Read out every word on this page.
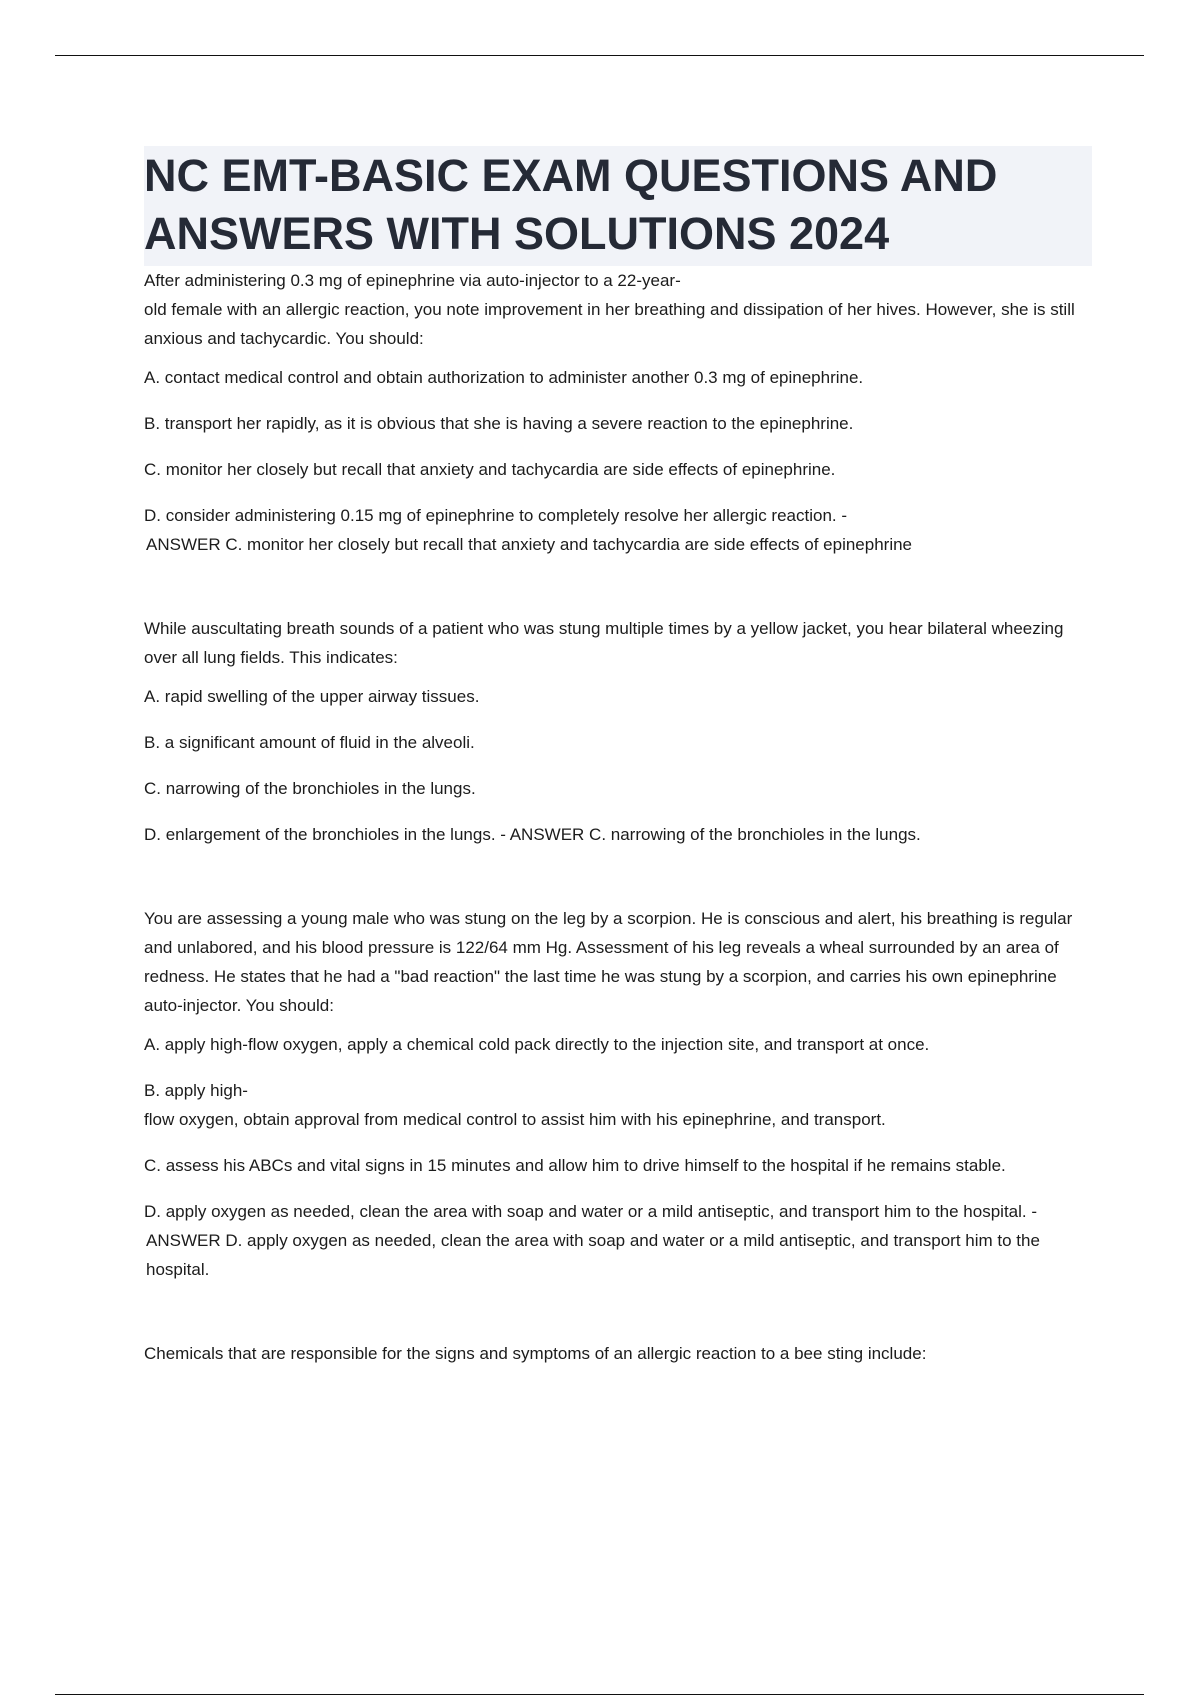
NC EMT-BASIC EXAM QUESTIONS AND ANSWERS WITH SOLUTIONS 2024

After administering 0.3 mg of epinephrine via auto-injector to a 22-year-
old female with an allergic reaction, you note improvement in her breathing and dissipation of her hives. However, she is still anxious and tachycardic. You should:

A. contact medical control and obtain authorization to administer another 0.3 mg of epinephrine.

B. transport her rapidly, as it is obvious that she is having a severe reaction to the epinephrine.

C. monitor her closely but recall that anxiety and tachycardia are side effects of epinephrine.

D. consider administering 0.15 mg of epinephrine to completely resolve her allergic reaction. -

ANSWER C. monitor her closely but recall that anxiety and tachycardia are side effects of epinephrine

While auscultating breath sounds of a patient who was stung multiple times by a yellow jacket, you hear bilateral wheezing over all lung fields. This indicates:

A. rapid swelling of the upper airway tissues.

B. a significant amount of fluid in the alveoli.

C. narrowing of the bronchioles in the lungs.

D. enlargement of the bronchioles in the lungs. - ANSWER C. narrowing of the bronchioles in the lungs.

You are assessing a young male who was stung on the leg by a scorpion. He is conscious and alert, his breathing is regular and unlabored, and his blood pressure is 122/64 mm Hg. Assessment of his leg reveals a wheal surrounded by an area of redness. He states that he had a "bad reaction" the last time he was stung by a scorpion, and carries his own epinephrine auto-injector. You should:

A. apply high-flow oxygen, apply a chemical cold pack directly to the injection site, and transport at once.

B. apply high-
flow oxygen, obtain approval from medical control to assist him with his epinephrine, and transport.

C. assess his ABCs and vital signs in 15 minutes and allow him to drive himself to the hospital if he remains stable.

D. apply oxygen as needed, clean the area with soap and water or a mild antiseptic, and transport him to the hospital. -

ANSWER D. apply oxygen as needed, clean the area with soap and water or a mild antiseptic, and transport him to the hospital.

Chemicals that are responsible for the signs and symptoms of an allergic reaction to a bee sting include:
